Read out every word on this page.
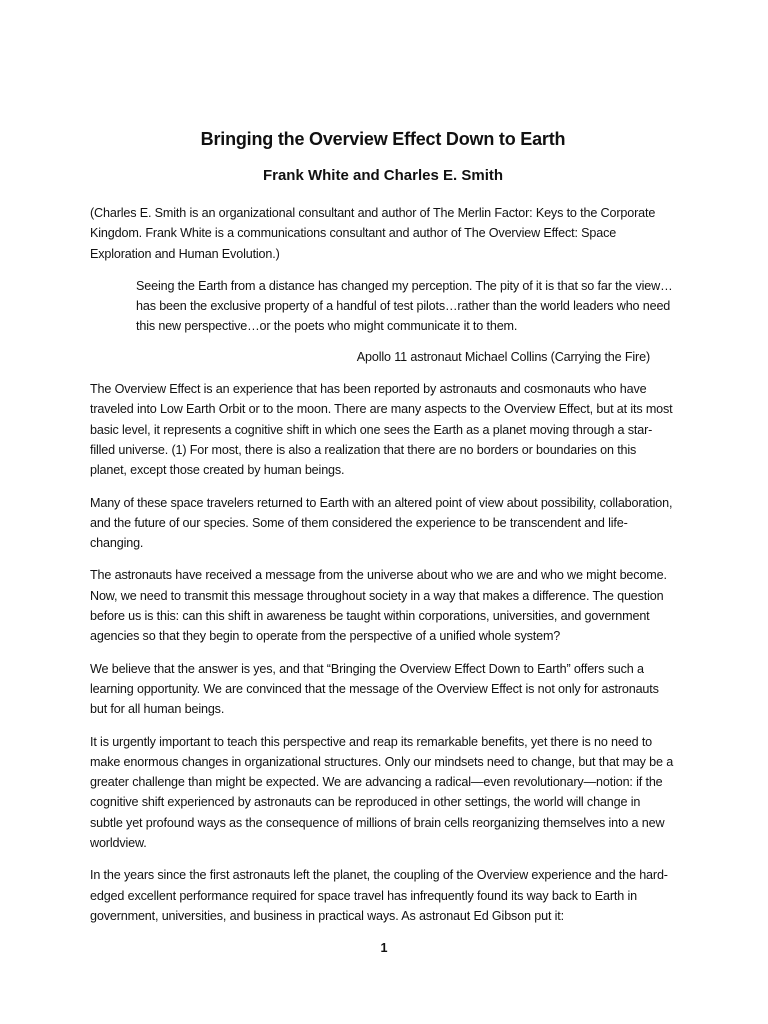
Bringing the Overview Effect Down to Earth
Frank White and Charles E. Smith

(Charles E. Smith is an organizational consultant and author of The Merlin Factor: Keys to the Corporate Kingdom. Frank White is a communications consultant and author of The Overview Effect: Space Exploration and Human Evolution.)

Seeing the Earth from a distance has changed my perception. The pity of it is that so far the view…has been the exclusive property of a handful of test pilots…rather than the world leaders who need this new perspective…or the poets who might communicate it to them.

Apollo 11 astronaut Michael Collins (Carrying the Fire)

The Overview Effect is an experience that has been reported by astronauts and cosmonauts who have traveled into Low Earth Orbit or to the moon. There are many aspects to the Overview Effect, but at its most basic level, it represents a cognitive shift in which one sees the Earth as a planet moving through a star-filled universe. (1) For most, there is also a realization that there are no borders or boundaries on this planet, except those created by human beings.

Many of these space travelers returned to Earth with an altered point of view about possibility, collaboration, and the future of our species. Some of them considered the experience to be transcendent and life-changing.

The astronauts have received a message from the universe about who we are and who we might become. Now, we need to transmit this message throughout society in a way that makes a difference. The question before us is this: can this shift in awareness be taught within corporations, universities, and government agencies so that they begin to operate from the perspective of a unified whole system?

We believe that the answer is yes, and that “Bringing the Overview Effect Down to Earth” offers such a learning opportunity. We are convinced that the message of the Overview Effect is not only for astronauts but for all human beings.

It is urgently important to teach this perspective and reap its remarkable benefits, yet there is no need to make enormous changes in organizational structures. Only our mindsets need to change, but that may be a greater challenge than might be expected. We are advancing a radical—even revolutionary—notion: if the cognitive shift experienced by astronauts can be reproduced in other settings, the world will change in subtle yet profound ways as the consequence of millions of brain cells reorganizing themselves into a new worldview.

In the years since the first astronauts left the planet, the coupling of the Overview experience and the hard-edged excellent performance required for space travel has infrequently found its way back to Earth in government, universities, and business in practical ways. As astronaut Ed Gibson put it:

1
